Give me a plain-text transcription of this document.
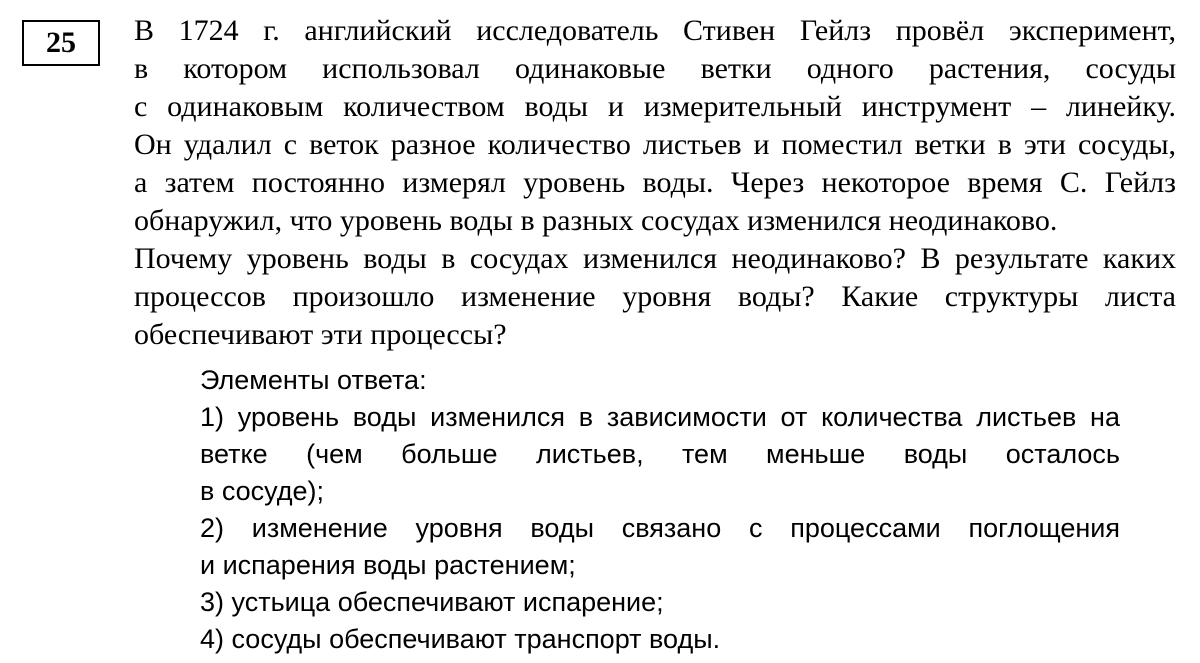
25 В 1724 г. английский исследователь Стивен Гейлз провёл эксперимент,
в котором использовал одинаковые ветки одного растения, сосуды
с одинаковым количеством воды и измерительный инструмент – линейку.
Он удалил с веток разное количество листьев и поместил ветки в эти сосуды,
а затем постоянно измерял уровень воды. Через некоторое время С. Гейлз
обнаружил, что уровень воды в разных сосудах изменился неодинаково.
Почему уровень воды в сосудах изменился неодинаково? В результате каких
процессов произошло изменение уровня воды? Какие структуры листа
обеспечивают эти процессы?
Элементы ответа:
1) уровень воды изменился в зависимости от количества листьев на
ветке (чем больше листьев, тем меньше воды осталось
в сосуде);
2) изменение уровня воды связано с процессами поглощения
и испарения воды растением;
3) устьица обеспечивают испарение;
4) сосуды обеспечивают транспорт воды.
